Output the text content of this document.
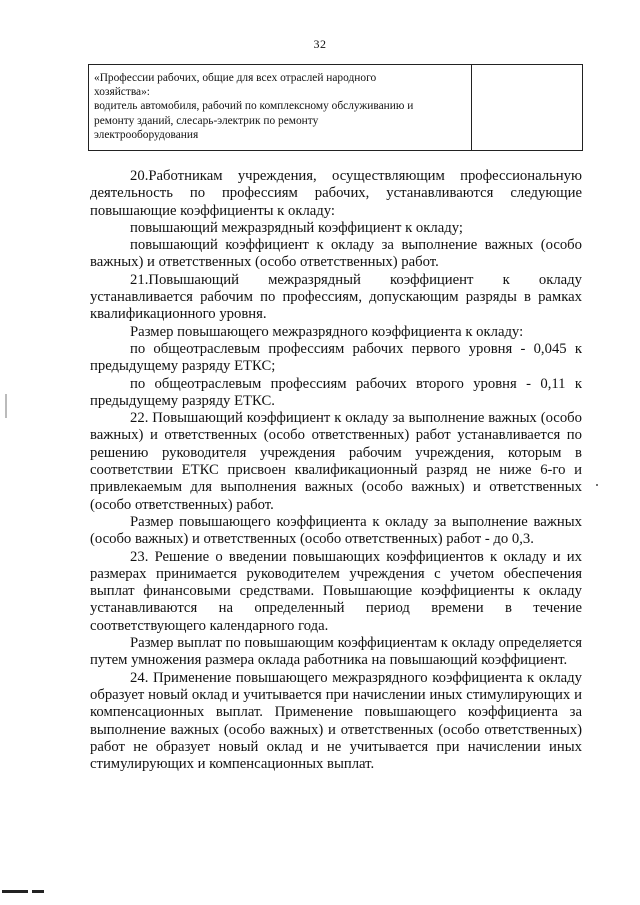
32
«Профессии рабочих, общие для всех отраслей народного
хозяйства»:
водитель автомобиля, рабочий по комплексному обслуживанию и
ремонту зданий, слесарь-электрик по ремонту
электрооборудования

20.Работникам учреждения, осуществляющим профессиональную деятельность по профессиям рабочих, устанавливаются следующие повышающие коэффициенты к окладу:

повышающий межразрядный коэффициент к окладу;

повышающий коэффициент к окладу за выполнение важных (особо важных) и ответственных (особо ответственных) работ.

21.Повышающий межразрядный коэффициент к окладу устанавливается рабочим по профессиям, допускающим разряды в рамках квалификационного уровня.

Размер повышающего межразрядного коэффициента к окладу:

по общеотраслевым профессиям рабочих первого уровня - 0,045 к предыдущему разряду ЕТКС;

по общеотраслевым профессиям рабочих второго уровня - 0,11 к предыдущему разряду ЕТКС.

22. Повышающий коэффициент к окладу за выполнение важных (особо важных) и ответственных (особо ответственных) работ устанавливается по решению руководителя учреждения рабочим учреждения, которым в соответствии ЕТКС присвоен квалификационный разряд не ниже 6-го и привлекаемым для выполнения важных (особо важных) и ответственных (особо ответственных) работ.

Размер повышающего коэффициента к окладу за выполнение важных (особо важных) и ответственных (особо ответственных) работ - до 0,3.

23. Решение о введении повышающих коэффициентов к окладу и их размерах принимается руководителем учреждения с учетом обеспечения выплат финансовыми средствами. Повышающие коэффициенты к окладу устанавливаются на определенный период времени в течение соответствующего календарного года.

Размер выплат по повышающим коэффициентам к окладу определяется путем умножения размера оклада работника на повышающий коэффициент.

24. Применение повышающего межразрядного коэффициента к окладу образует новый оклад и учитывается при начислении иных стимулирующих и компенсационных выплат. Применение повышающего коэффициента за выполнение важных (особо важных) и ответственных (особо ответственных) работ не образует новый оклад и не учитывается при начислении иных стимулирующих и компенсационных выплат.
